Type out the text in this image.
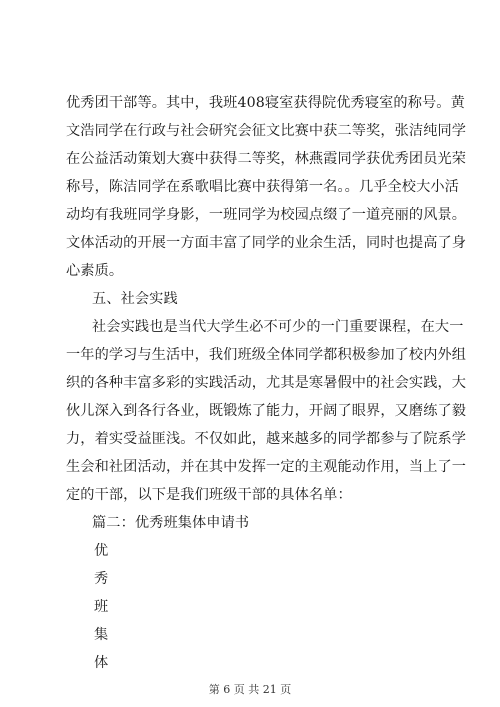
优秀团干部等。其中，我班408寝室获得院优秀寝室的称号。黄
文浩同学在行政与社会研究会征文比赛中获二等奖，张洁纯同学
在公益活动策划大赛中获得二等奖，林燕霞同学获优秀团员光荣
称号，陈洁同学在系歌唱比赛中获得第一名。。几乎全校大小活
动均有我班同学身影，一班同学为校园点缀了一道亮丽的风景。
文体活动的开展一方面丰富了同学的业余生活，同时也提高了身
心素质。
五、社会实践
社会实践也是当代大学生必不可少的一门重要课程，在大一
一年的学习与生活中，我们班级全体同学都积极参加了校内外组
织的各种丰富多彩的实践活动，尤其是寒暑假中的社会实践，大
伙儿深入到各行各业，既锻炼了能力，开阔了眼界，又磨练了毅
力，着实受益匪浅。不仅如此，越来越多的同学都参与了院系学
生会和社团活动，并在其中发挥一定的主观能动作用，当上了一
定的干部，以下是我们班级干部的具体名单：
篇二：优秀班集体申请书
优
秀
班
集
体
第 6 页 共 21 页
